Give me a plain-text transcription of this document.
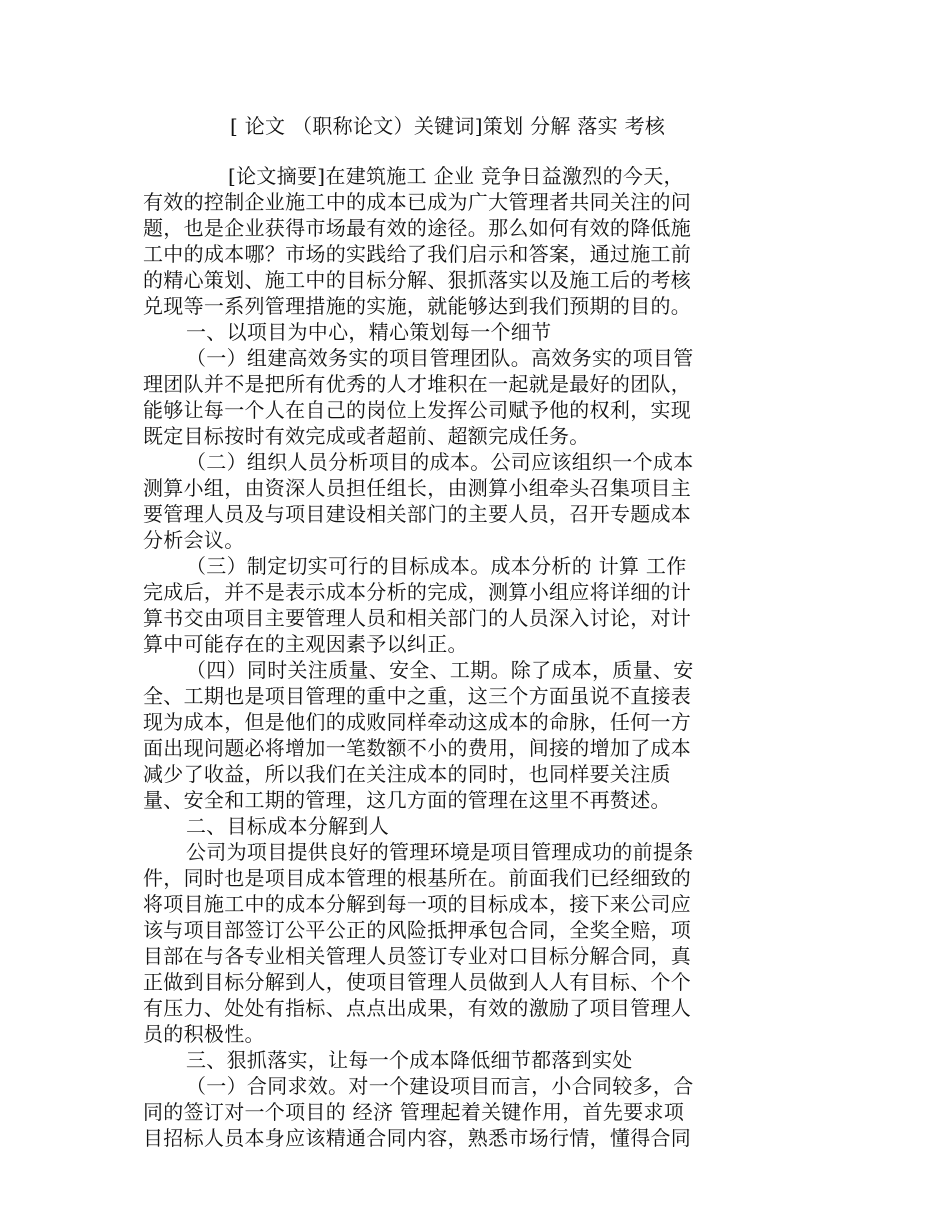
[ 论文 （职称论文）关键词]策划 分解 落实 考核
[论文摘要]在建筑施工 企业 竞争日益激烈的今天，
有效的控制企业施工中的成本已成为广大管理者共同关注的问
题，也是企业获得市场最有效的途径。那么如何有效的降低施
工中的成本哪？市场的实践给了我们启示和答案，通过施工前
的精心策划、施工中的目标分解、狠抓落实以及施工后的考核
兑现等一系列管理措施的实施，就能够达到我们预期的目的。
一、以项目为中心，精心策划每一个细节
（一）组建高效务实的项目管理团队。高效务实的项目管
理团队并不是把所有优秀的人才堆积在一起就是最好的团队，
能够让每一个人在自己的岗位上发挥公司赋予他的权利，实现
既定目标按时有效完成或者超前、超额完成任务。
（二）组织人员分析项目的成本。公司应该组织一个成本
测算小组，由资深人员担任组长，由测算小组牵头召集项目主
要管理人员及与项目建设相关部门的主要人员，召开专题成本
分析会议。
（三）制定切实可行的目标成本。成本分析的 计算 工作
完成后，并不是表示成本分析的完成，测算小组应将详细的计
算书交由项目主要管理人员和相关部门的人员深入讨论，对计
算中可能存在的主观因素予以纠正。
（四）同时关注质量、安全、工期。除了成本，质量、安
全、工期也是项目管理的重中之重，这三个方面虽说不直接表
现为成本，但是他们的成败同样牵动这成本的命脉，任何一方
面出现问题必将增加一笔数额不小的费用，间接的增加了成本
减少了收益，所以我们在关注成本的同时，也同样要关注质
量、安全和工期的管理，这几方面的管理在这里不再赘述。
二、目标成本分解到人
公司为项目提供良好的管理环境是项目管理成功的前提条
件，同时也是项目成本管理的根基所在。前面我们已经细致的
将项目施工中的成本分解到每一项的目标成本，接下来公司应
该与项目部签订公平公正的风险抵押承包合同，全奖全赔，项
目部在与各专业相关管理人员签订专业对口目标分解合同，真
正做到目标分解到人，使项目管理人员做到人人有目标、个个
有压力、处处有指标、点点出成果，有效的激励了项目管理人
员的积极性。
三、狠抓落实，让每一个成本降低细节都落到实处
（一）合同求效。对一个建设项目而言，小合同较多，合
同的签订对一个项目的 经济 管理起着关键作用，首先要求项
目招标人员本身应该精通合同内容，熟悉市场行情，懂得合同
